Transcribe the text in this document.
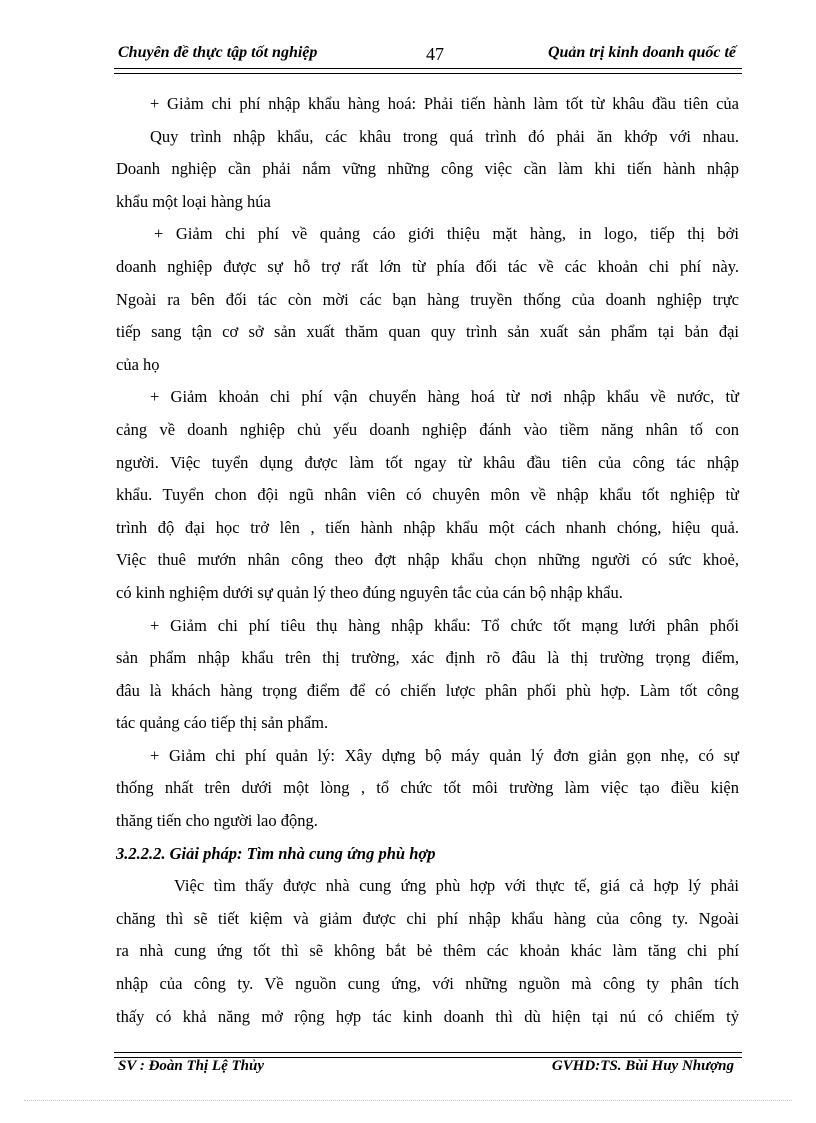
Chuyên đề thực tập tốt nghiệp	47	Quản trị kinh doanh quốc tế
+ Giảm chi phí nhập khẩu hàng hoá: Phải tiến hành làm tốt từ khâu đầu tiên của
Quy trình nhập khẩu, các khâu trong quá trình đó phải ăn khớp với nhau.
Doanh nghiệp cần phải nắm vững những công việc cần làm khi tiến hành nhập
khẩu một loại hàng húa
+ Giảm chi phí về quảng cáo giới thiệu mặt hàng, in logo, tiếp thị bởi
doanh nghiệp được sự hỗ trợ rất lớn từ phía đối tác về các khoản chi phí này.
Ngoài ra bên đối tác còn mời các bạn hàng truyền thống của doanh nghiệp trực
tiếp sang tận cơ sở sản xuất thăm quan quy trình sản xuất sản phẩm tại bản đại
của họ
+ Giảm khoản chi phí vận chuyển hàng hoá từ nơi nhập khẩu về nước, từ
cảng về doanh nghiệp chủ yếu doanh nghiệp đánh vào tiềm năng nhân tố con
người. Việc tuyển dụng được làm tốt ngay từ khâu đầu tiên của công tác nhập
khẩu. Tuyển chon đội ngũ nhân viên có chuyên môn về nhập khẩu tốt nghiệp từ
trình độ đại học trở lên , tiến hành nhập khẩu một cách nhanh chóng, hiệu quả.
Việc thuê mướn nhân công theo đợt nhập khẩu chọn những người có sức khoẻ,
có kinh nghiệm dưới sự quản lý theo đúng nguyên tắc của cán bộ nhập khẩu.
+ Giảm chi phí tiêu thụ hàng nhập khẩu: Tổ chức tốt mạng lưới phân phối
sản phẩm nhập khẩu trên thị trường, xác định rõ đâu là thị trường trọng điểm,
đâu là khách hàng trọng điểm để có chiến lược phân phối phù hợp. Làm tốt công
tác quảng cáo tiếp thị sản phẩm.
+ Giảm chi phí quản lý: Xây dựng bộ máy quản lý đơn giản gọn nhẹ, có sự
thống nhất trên dưới một lòng , tổ chức tốt môi trường làm việc tạo điều kiện
thăng tiến cho người lao động.
3.2.2.2. Giải pháp: Tìm nhà cung ứng phù hợp
Việc tìm thấy được nhà cung ứng phù hợp với thực tế, giá cả hợp lý phải
chăng thì sẽ tiết kiệm và giảm được chi phí nhập khẩu hàng của công ty. Ngoài
ra nhà cung ứng tốt thì sẽ không bắt bẻ thêm các khoản khác làm tăng chi phí
nhập của công ty. Về nguồn cung ứng, với những nguồn mà công ty phân tích
thấy có khả năng mở rộng hợp tác kinh doanh thì dù hiện tại nú có chiếm tỷ
SV : Đoàn Thị Lệ Thủy	GVHD:TS. Bùi Huy Nhượng
